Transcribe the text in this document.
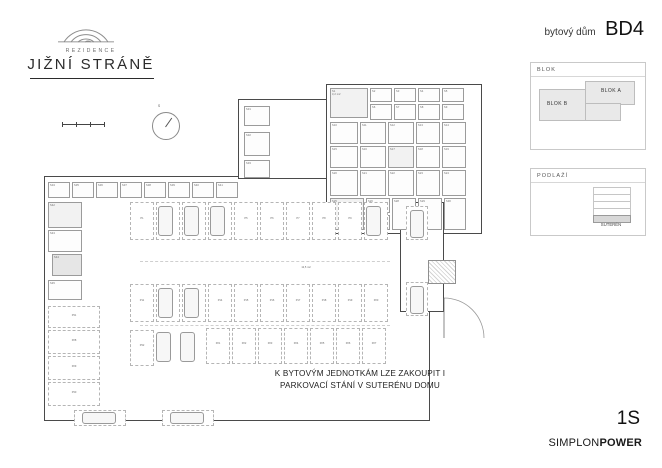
REZIDENCE
JIŽNÍ STRÁNĚ
bytový dům BD4
BLOK
BLOK A
BLOK B
PODLAŽÍ
SUTERÉN
S
S1
3,2 m2
S2	S3	S4	S5
S6	S7	S8	S9
S10	S11	S12	S13	S14
S15	S16	S17	S18	S19
S20	S21	S22	S23	S24
S28	S29	S30
S31
S32
S33
S34	S35	S36	S37	S38	S39	S40	S41
S42
S43
S44
S45
P1	P5	P6	P7	P8	P9
P11	P14	P15	P16	P17	P18	P19	P20
P21	P22	P23	P24	P25	P26	P27
P28
P29
P30
P31
P32
12,5 m2
K BYTOVÝM JEDNOTKÁM LZE ZAKOUPIT I
PARKOVACÍ STÁNÍ V SUTERÉNU DOMU
1S
SIMPLONPOWER
